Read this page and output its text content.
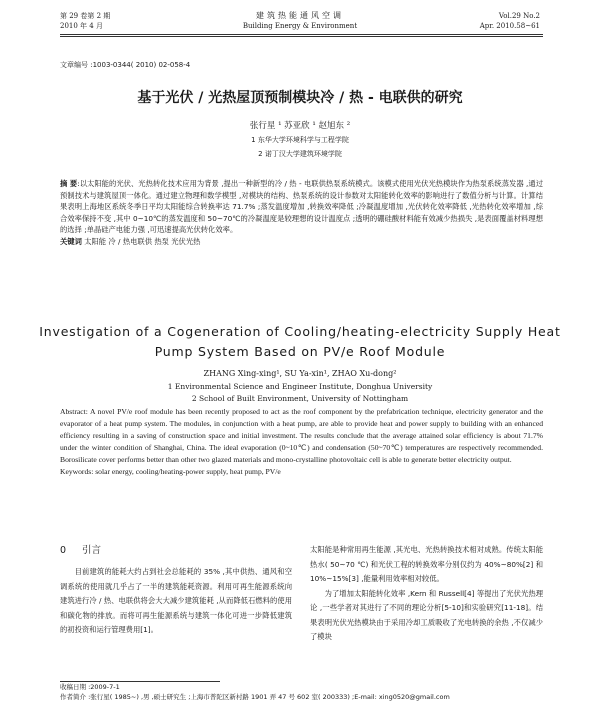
第 29 卷第 2 期
2010 年 4 月
建筑热能通风空调
Building Energy & Environment
Vol.29 No.2
Apr. 2010.58~61
文章编号 :1003-0344( 2010) 02-058-4
基于光伏 / 光热屋顶预制模块冷 / 热 - 电联供的研究
张行星 ¹ 苏亚欣 ¹ 赵旭东 ²
1 东华大学环境科学与工程学院
2 诺丁汉大学建筑环境学院

摘 要:以太阳能的光伏、光热转化技术应用为背景 ,提出一种新型的冷 / 热 - 电联供热泵系统模式。该模式使用光伏光热模块作为热泵系统蒸发器 ,通过预制技术与建筑屋顶一体化。通过建立物理和数学模型 ,对模块的结构、热泵系统的设计参数对太阳能转化效率的影响进行了数值分析与计算。计算结果表明上海地区系统冬季日平均太阳能综合转换率达 71.7% ;蒸发温度增加 ,转换效率降低 ;冷凝温度增加 ,光伏转化效率降低 ,光热转化效率增加 ,综合效率保持不变 ,其中 0~10℃的蒸发温度和 50~70℃的冷凝温度是较理想的设计温度点 ;透明的硼硅酸材料能有效减少热损失 ,是表面覆盖材料理想的选择 ;单晶硅产电能力强 ,可迅速提高光伏转化效率。

关键词 太阳能 冷 / 热电联供 热泵 光伏光热

Investigation of a Cogeneration of Cooling/heating-electricity Supply Heat
Pump System Based on PV/e Roof Module
ZHANG Xing-xing¹, SU Ya-xin¹, ZHAO Xu-dong²
1 Environmental Science and Engineer Institute, Donghua University
2 School of Built Environment, University of Nottingham

Abstract: A novel PV/e roof module has been recently proposed to act as the roof component by the prefabrication technique, electricity generator and the evaporator of a heat pump system. The modules, in conjunction with a heat pump, are able to provide heat and power supply to building with an enhanced efficiency resulting in a saving of construction space and initial investment. The results conclude that the average attained solar efficiency is about 71.7% under the winter condition of Shanghai, China. The ideal evaporation (0~10℃) and condensation (50~70℃) temperatures are respectively recommended. Borosilicate cover performs better than other two glazed materials and mono-crystalline photovoltaic cell is able to generate better electricity output.

Keywords: solar energy, cooling/heating-power supply, heat pump, PV/e

0 引言

目前建筑的能耗大约占到社会总能耗的 35% ,其中供热、通风和空调系统的使用就几乎占了一半的建筑能耗资源。利用可再生能源系统向建筑进行冷 / 热、电联供将会大大减少建筑能耗 ,从而降低石燃料的使用和碳化物的排放。而将可再生能源系统与建筑一体化可进一步降低建筑的初投资和运行管理费用[1]。

太阳能是种常用再生能源 ,其光电、光热转换技术相对成熟。传统太阳能热水( 50~70 ℃) 和光伏工程的转换效率分别仅约为 40%~80%[2] 和 10%~15%[3] ,能量利用效率相对较低。

为了增加太阳能转化效率 ,Kern 和 Russell[4] 等提出了光伏光热理论 ,一些学者对其进行了不同的理论分析[5-10]和实验研究[11-18]。结果表明光伏光热模块由于采用冷却工质吸收了光电转换的余热 ,不仅减少了模块

收稿日期 :2009-7-1
作者简介 :张行星( 1985~) ,男 ,硕士研究生 ;上海市普陀区新村路 1901 弄 47 号 602 室( 200333) ;E-mail: xing0520@gmail.com
